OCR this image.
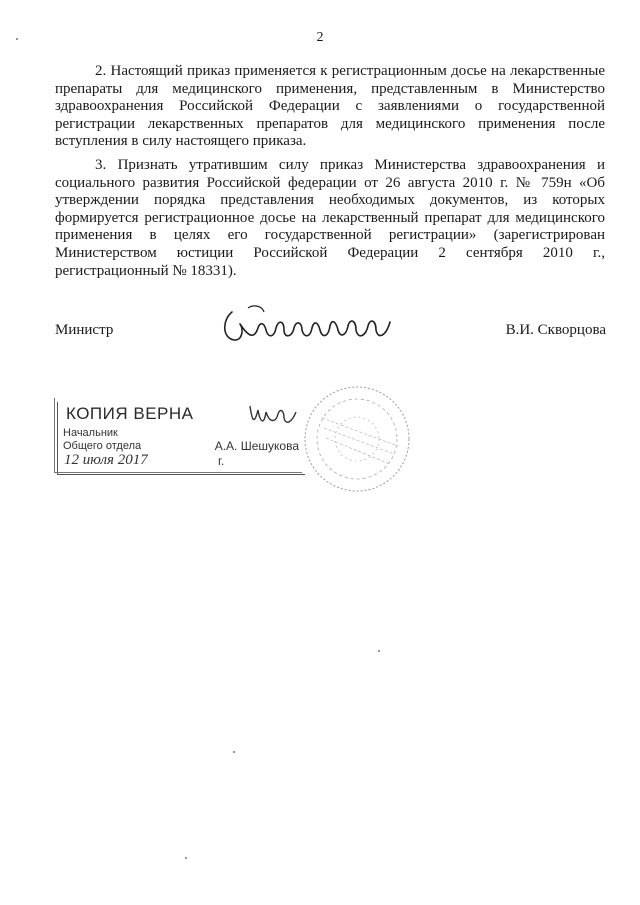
2

2. Настоящий приказ применяется к регистрационным досье на лекарственные препараты для медицинского применения, представленным в Министерство здравоохранения Российской Федерации с заявлениями о государственной регистрации лекарственных препаратов для медицинского применения после вступления в силу настоящего приказа.

3. Признать утратившим силу приказ Министерства здравоохранения и социального развития Российской федерации от 26 августа 2010 г. № 759н «Об утверждении порядка представления необходимых документов, из которых формируется регистрационное досье на лекарственный препарат для медицинского применения в целях его государственной регистрации» (зарегистрирован Министерством юстиции Российской Федерации 2 сентября 2010 г., регистрационный № 18331).

Министр	В.И. Скворцова
КОПИЯ ВЕРНА
Начальник
Общего отдела	А.А. Шешукова
12 июля 2017	г.
